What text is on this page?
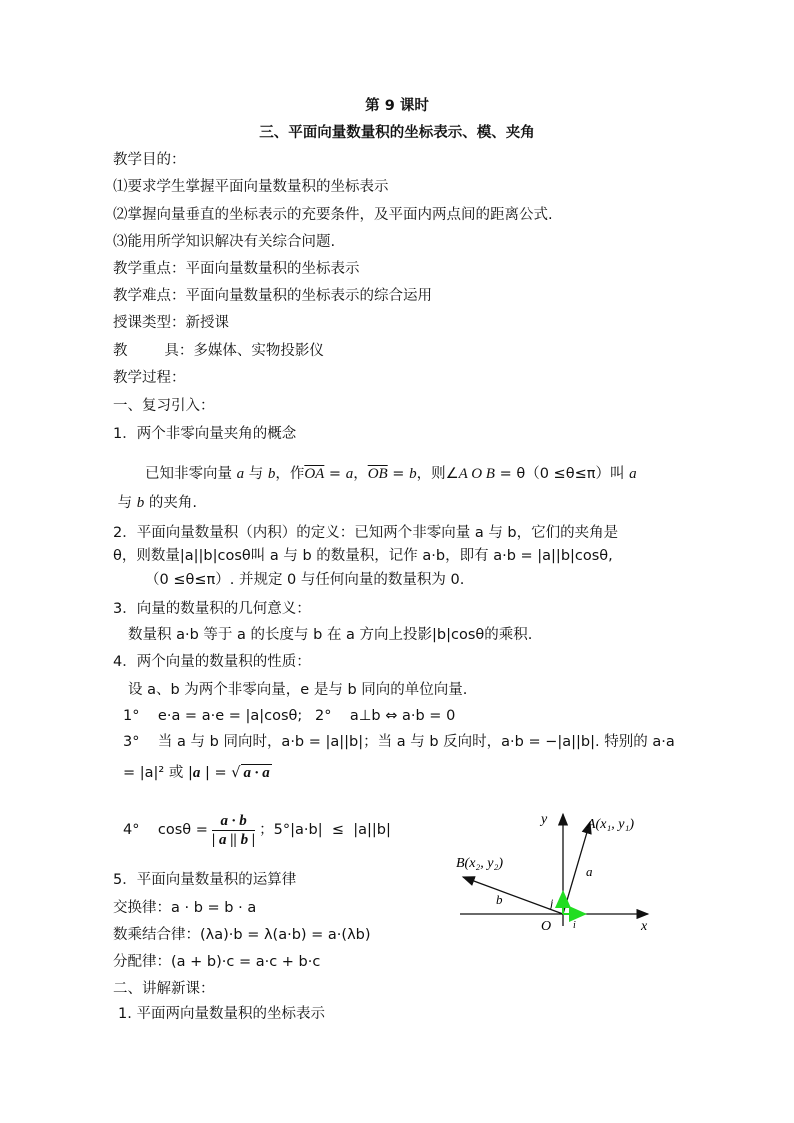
第 9 课时
三、平面向量数量积的坐标表示、模、夹角
教学目的：
⑴要求学生掌握平面向量数量积的坐标表示
⑵掌握向量垂直的坐标表示的充要条件，及平面内两点间的距离公式.
⑶能用所学知识解决有关综合问题.
教学重点：平面向量数量积的坐标表示
教学难点：平面向量数量积的坐标表示的综合运用
授课类型：新授课
教        具：多媒体、实物投影仪
教学过程：
一、复习引入：
1．两个非零向量夹角的概念
已知非零向量 a 与 b，作$\overline{OA} = a$，$\overline{OB} = b$，则∠A O B = θ（0 ≤θ≤π）叫 a
与 b 的夹角.
2．平面向量数量积（内积）的定义：已知两个非零向量 a 与 b，它们的夹角是
θ，则数量|a||b|cosθ叫 a 与 b 的数量积，记作 a·b，即有 a·b = |a||b|cosθ,
（0 ≤θ≤π）. 并规定 0 与任何向量的数量积为 0.
3．向量的数量积的几何意义：
数量积 a·b 等于 a 的长度与 b 在 a 方向上投影|b|cosθ的乘积.
4．两个向量的数量积的性质：
设 a、b 为两个非零向量，e 是与 b 同向的单位向量.
1°    e·a = a·e = |a|cosθ; 2°    a⊥b ⇔ a·b = 0
3°    当 a 与 b 同向时，a·b = |a||b|；当 a 与 b 反向时，a·b = −|a||b|. 特别的 a·a
= |a|² 或 |a | = √ a · a
4°    $\cos\theta = \frac{a \cdot b}{| a || b |}$ ；5°|a·b|  ≤  |a||b|
5．平面向量数量积的运算律
交换律：a · b = b · a
数乘结合律：(λa)·b = λ(a·b) = a·(λb)
分配律：(a + b)·c = a·c + b·c
二、讲解新课：
1. 平面两向量数量积的坐标表示
y
x
O
A(x₁, y₁)
B(x₂, y₂)
a
b	j
i
